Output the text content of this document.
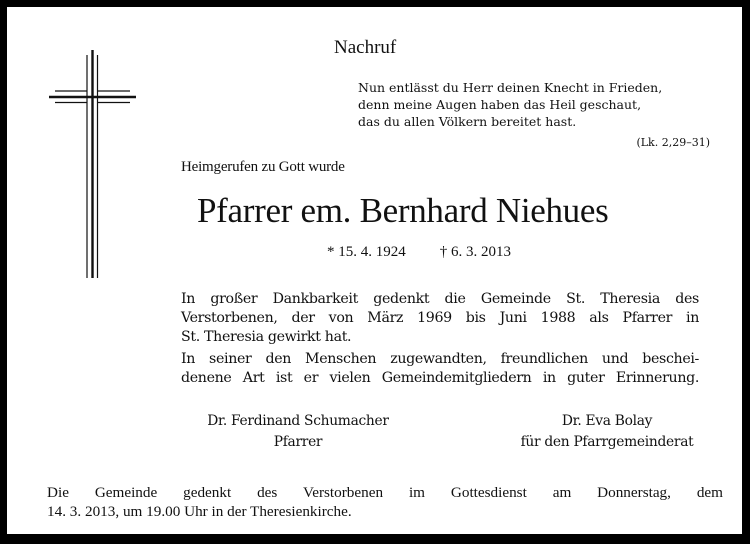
Nachruf
Nun entlässt du Herr deinen Knecht in Frieden,
denn meine Augen haben das Heil geschaut,
das du allen Völkern bereitet hast.
(Lk. 2,29–31)
Heimgerufen zu Gott wurde
Pfarrer em. Bernhard Niehues
* 15. 4. 1924 † 6. 3. 2013
In großer Dankbarkeit gedenkt die Gemeinde St. Theresia des
Verstorbenen, der von März 1969 bis Juni 1988 als Pfarrer in
St. Theresia gewirkt hat.
In seiner den Menschen zugewandten, freundlichen und beschei-
denene Art ist er vielen Gemeindemitgliedern in guter Erinnerung.
Dr. Ferdinand Schumacher
Pfarrer
Dr. Eva Bolay
für den Pfarrgemeinderat
Die Gemeinde gedenkt des Verstorbenen im Gottesdienst am Donnerstag, dem
14. 3. 2013, um 19.00 Uhr in der Theresienkirche.
